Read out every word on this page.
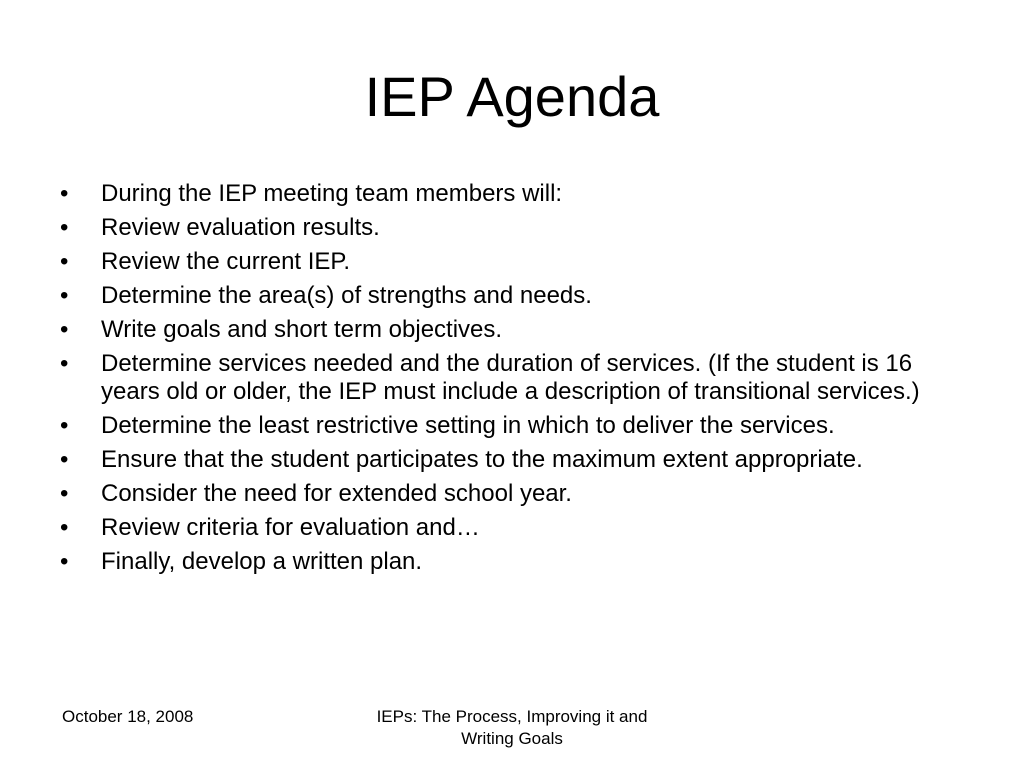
IEP Agenda
• During the IEP meeting team members will:
• Review evaluation results.
• Review the current IEP.
• Determine the area(s) of strengths and needs.
• Write goals and short term objectives.
• Determine services needed and the duration of services. (If the student is 16 years old or older, the IEP must include a description of transitional services.)
• Determine the least restrictive setting in which to deliver the services.
• Ensure that the student participates to the maximum extent appropriate.
• Consider the need for extended school year.
• Review criteria for evaluation and…
• Finally, develop a written plan.
October 18, 2008	IEPs: The Process, Improving it and Writing Goals
